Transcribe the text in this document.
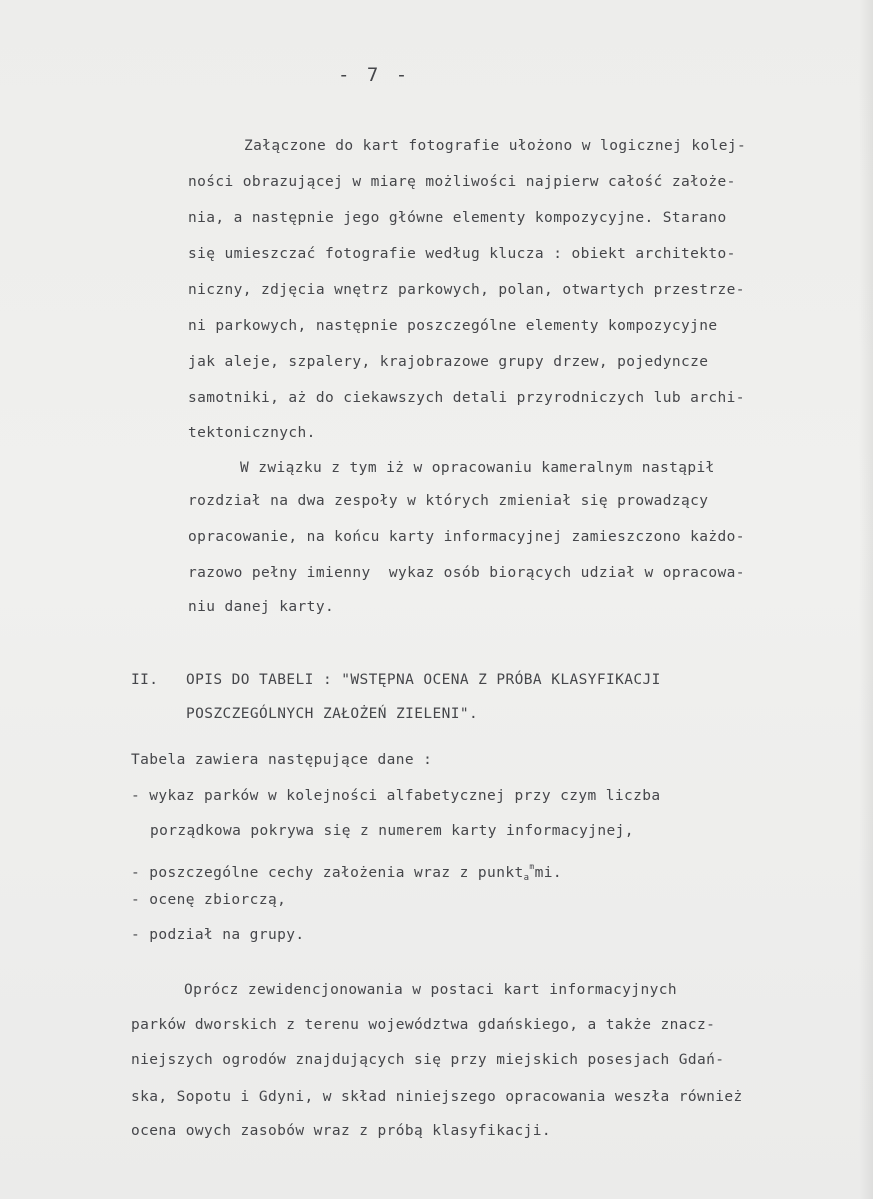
- 7 -
Załączone do kart fotografie ułożono w logicznej kolej-
ności obrazującej w miarę możliwości najpierw całość założe-
nia, a następnie jego główne elementy kompozycyjne. Starano
się umieszczać fotografie według klucza : obiekt architekto-
niczny, zdjęcia wnętrz parkowych, polan, otwartych przestrze-
ni parkowych, następnie poszczególne elementy kompozycyjne
jak aleje, szpalery, krajobrazowe grupy drzew, pojedyncze
samotniki, aż do ciekawszych detali przyrodniczych lub archi-
tektonicznych.
W związku z tym iż w opracowaniu kameralnym nastąpił
rozdział na dwa zespoły w których zmieniał się prowadzący
opracowanie, na końcu karty informacyjnej zamieszczono każdo-
razowo pełny imienny  wykaz osób biorących udział w opracowa-
niu danej karty.
II. OPIS DO TABELI : "WSTĘPNA OCENA Z PRÓBA KLASYFIKACJI
POSZCZEGÓLNYCH ZAŁOŻEŃ ZIELENI".
Tabela zawiera następujące dane :
- wykaz parków w kolejności alfabetycznej przy czym liczba
porządkowa pokrywa się z numerem karty informacyjnej,
- poszczególne cechy założenia wraz z punkt$_a^m$mi.
- ocenę zbiorczą,
- podział na grupy.
Oprócz zewidencjonowania w postaci kart informacyjnych
parków dworskich z terenu województwa gdańskiego, a także znacz-
niejszych ogrodów znajdujących się przy miejskich posesjach Gdań-
ska, Sopotu i Gdyni, w skład niniejszego opracowania weszła również
ocena owych zasobów wraz z próbą klasyfikacji.
